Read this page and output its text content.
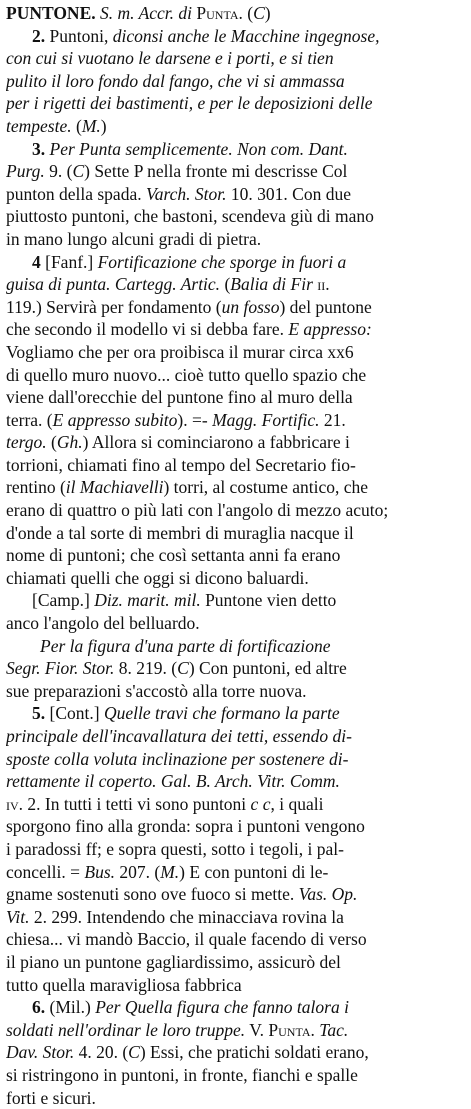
PUNTONE. S. m. Accr. di Punta. (C)
2. Puntoni, diconsi anche le Macchine ingegnose,
con cui si vuotano le darsene e i porti, e si tien
pulito il loro fondo dal fango, che vi si ammassa
per i rigetti dei bastimenti, e per le deposizioni delle
tempeste. (M.)
3. Per Punta semplicemente. Non com. Dant.
Purg. 9. (C) Sette P nella fronte mi descrisse Col
punton della spada. Varch. Stor. 10. 301. Con due
piuttosto puntoni, che bastoni, scendeva giù di mano
in mano lungo alcuni gradi di pietra.
4 [Fanf.] Fortificazione che sporge in fuori a
guisa di punta. Cartegg. Artic. (Balia di Fir ii.
119.) Servirà per fondamento (un fosso) del puntone
che secondo il modello vi si debba fare. E appresso:
Vogliamo che per ora proibisca il murar circa xx6
di quello muro nuovo... cioè tutto quello spazio che
viene dall'orecchie del puntone fino al muro della
terra. (E appresso subito). =- Magg. Fortific. 21.
tergo. (Gh.) Allora si cominciarono a fabbricare i
torrioni, chiamati fino al tempo del Secretario fio-
rentino (il Machiavelli) torri, al costume antico, che
erano di quattro o più lati con l'angolo di mezzo acuto;
d'onde a tal sorte di membri di muraglia nacque il
nome di puntoni; che così settanta anni fa erano
chiamati quelli che oggi si dicono baluardi.
[Camp.] Diz. marit. mil. Puntone vien detto
anco l'angolo del belluardo.
Per la figura d'una parte di fortificazione
Segr. Fior. Stor. 8. 219. (C) Con puntoni, ed altre
sue preparazioni s'accostò alla torre nuova.
5. [Cont.] Quelle travi che formano la parte
principale dell'incavallatura dei tetti, essendo di-
sposte colla voluta inclinazione per sostenere di-
rettamente il coperto. Gal. B. Arch. Vitr. Comm.
iv. 2. In tutti i tetti vi sono puntoni c c, i quali
sporgono fino alla gronda: sopra i puntoni vengono
i paradossi ff; e sopra questi, sotto i tegoli, i pal-
concelli. = Bus. 207. (M.) E con puntoni di le-
gname sostenuti sono ove fuoco si mette. Vas. Op.
Vit. 2. 299. Intendendo che minacciava rovina la
chiesa... vi mandò Baccio, il quale facendo di verso
il piano un puntone gagliardissimo, assicurò del
tutto quella maravigliosa fabbrica
6. (Mil.) Per Quella figura che fanno talora i
soldati nell'ordinar le loro truppe. V. Punta. Tac.
Dav. Stor. 4. 20. (C) Essi, che pratichi soldati erano,
si ristringono in puntoni, in fronte, fianchi e spalle
forti e sicuri.
